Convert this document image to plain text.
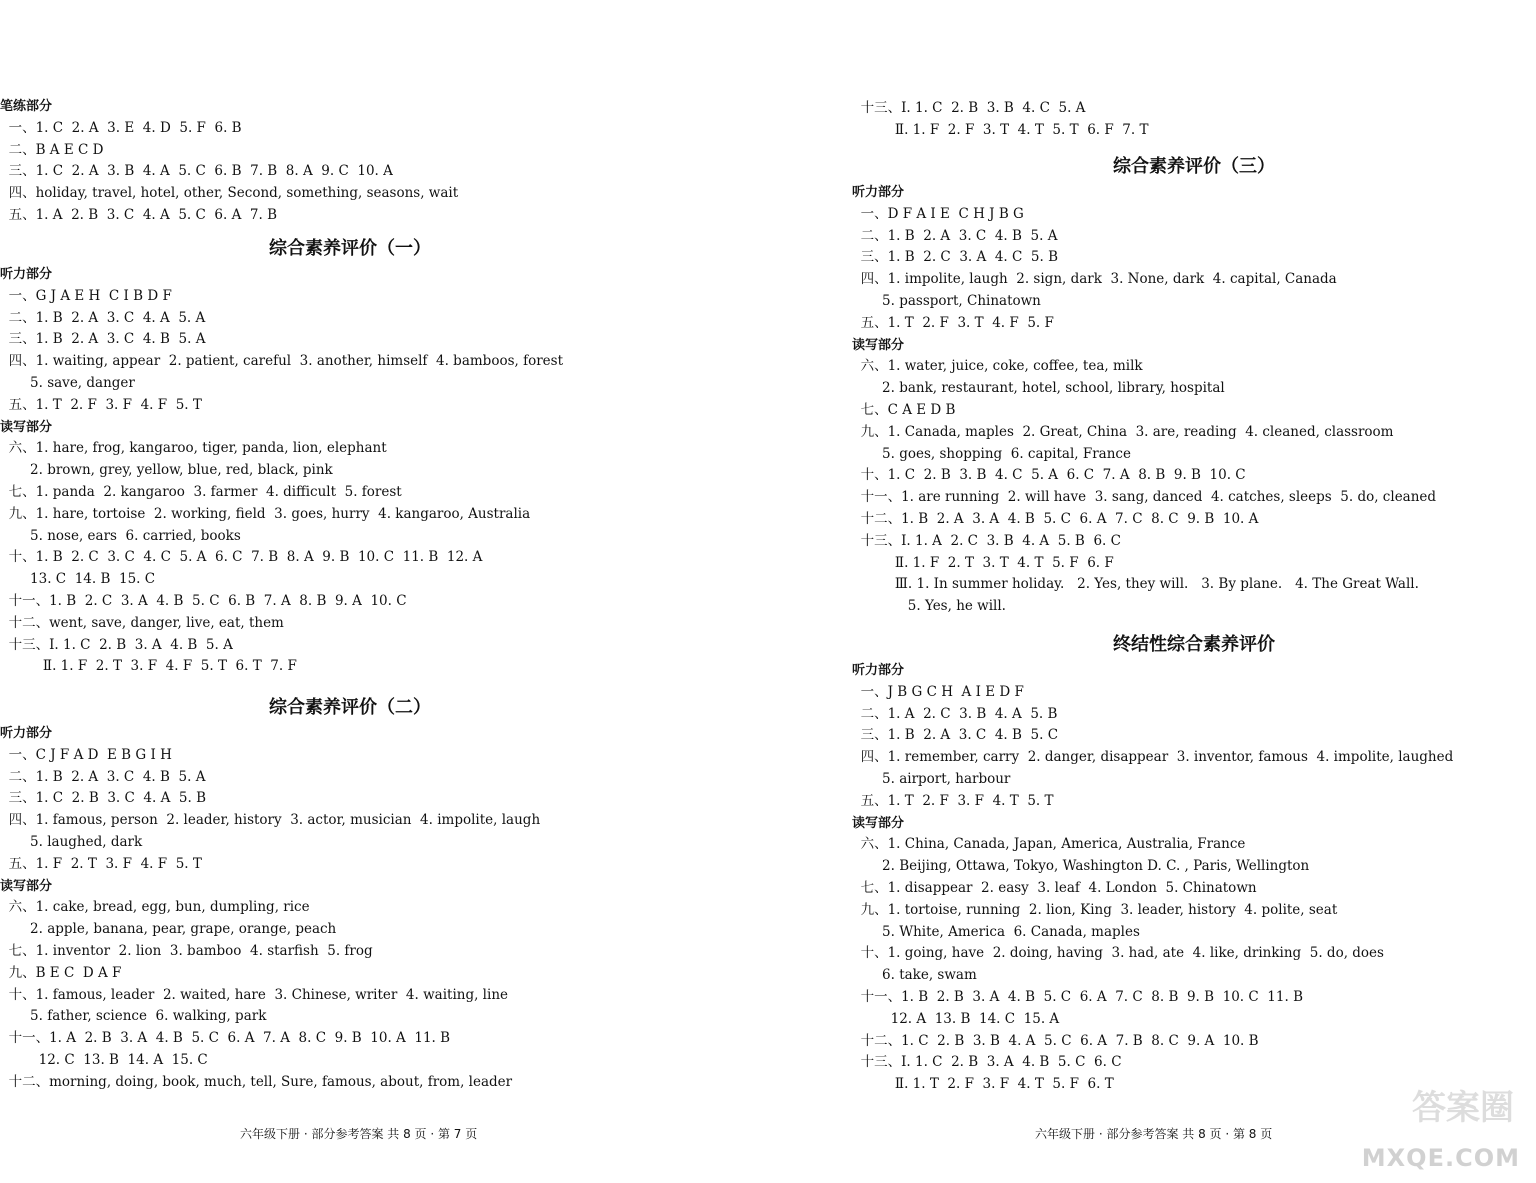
笔练部分
一、1. C  2. A  3. E  4. D  5. F  6. B
二、B A E C D
三、1. C  2. A  3. B  4. A  5. C  6. B  7. B  8. A  9. C  10. A
四、holiday, travel, hotel, other, Second, something, seasons, wait
五、1. A  2. B  3. C  4. A  5. C  6. A  7. B
综合素养评价（一）
听力部分
一、G J A E H  C I B D F
二、1. B  2. A  3. C  4. A  5. A
三、1. B  2. A  3. C  4. B  5. A
四、1. waiting, appear  2. patient, careful  3. another, himself  4. bamboos, forest
5. save, danger
五、1. T  2. F  3. F  4. F  5. T
读写部分
六、1. hare, frog, kangaroo, tiger, panda, lion, elephant
2. brown, grey, yellow, blue, red, black, pink
七、1. panda  2. kangaroo  3. farmer  4. difficult  5. forest
九、1. hare, tortoise  2. working, field  3. goes, hurry  4. kangaroo, Australia
5. nose, ears  6. carried, books
十、1. B  2. C  3. C  4. C  5. A  6. C  7. B  8. A  9. B  10. C  11. B  12. A
13. C  14. B  15. C
十一、1. B  2. C  3. A  4. B  5. C  6. B  7. A  8. B  9. A  10. C
十二、went, save, danger, live, eat, them
十三、Ⅰ. 1. C  2. B  3. A  4. B  5. A
Ⅱ. 1. F  2. T  3. F  4. F  5. T  6. T  7. F
综合素养评价（二）
听力部分
一、C J F A D  E B G I H
二、1. B  2. A  3. C  4. B  5. A
三、1. C  2. B  3. C  4. A  5. B
四、1. famous, person  2. leader, history  3. actor, musician  4. impolite, laugh
5. laughed, dark
五、1. F  2. T  3. F  4. F  5. T
读写部分
六、1. cake, bread, egg, bun, dumpling, rice
2. apple, banana, pear, grape, orange, peach
七、1. inventor  2. lion  3. bamboo  4. starfish  5. frog
九、B E C  D A F
十、1. famous, leader  2. waited, hare  3. Chinese, writer  4. waiting, line
5. father, science  6. walking, park
十一、1. A  2. B  3. A  4. B  5. C  6. A  7. A  8. C  9. B  10. A  11. B
12. C  13. B  14. A  15. C
十二、morning, doing, book, much, tell, Sure, famous, about, from, leader
六年级下册 · 部分参考答案 共 8 页 · 第 7 页
十三、Ⅰ. 1. C  2. B  3. B  4. C  5. A
Ⅱ. 1. F  2. F  3. T  4. T  5. T  6. F  7. T
综合素养评价（三）
听力部分
一、D F A I E  C H J B G
二、1. B  2. A  3. C  4. B  5. A
三、1. B  2. C  3. A  4. C  5. B
四、1. impolite, laugh  2. sign, dark  3. None, dark  4. capital, Canada
5. passport, Chinatown
五、1. T  2. F  3. T  4. F  5. F
读写部分
六、1. water, juice, coke, coffee, tea, milk
2. bank, restaurant, hotel, school, library, hospital
七、C A E D B
九、1. Canada, maples  2. Great, China  3. are, reading  4. cleaned, classroom
5. goes, shopping  6. capital, France
十、1. C  2. B  3. B  4. C  5. A  6. C  7. A  8. B  9. B  10. C
十一、1. are running  2. will have  3. sang, danced  4. catches, sleeps  5. do, cleaned
十二、1. B  2. A  3. A  4. B  5. C  6. A  7. C  8. C  9. B  10. A
十三、Ⅰ. 1. A  2. C  3. B  4. A  5. B  6. C
Ⅱ. 1. F  2. T  3. T  4. T  5. F  6. F
Ⅲ. 1. In summer holiday.   2. Yes, they will.   3. By plane.   4. The Great Wall.
5. Yes, he will.
终结性综合素养评价
听力部分
一、J B G C H  A I E D F
二、1. A  2. C  3. B  4. A  5. B
三、1. B  2. A  3. C  4. B  5. C
四、1. remember, carry  2. danger, disappear  3. inventor, famous  4. impolite, laughed
5. airport, harbour
五、1. T  2. F  3. F  4. T  5. T
读写部分
六、1. China, Canada, Japan, America, Australia, France
2. Beijing, Ottawa, Tokyo, Washington D. C. , Paris, Wellington
七、1. disappear  2. easy  3. leaf  4. London  5. Chinatown
九、1. tortoise, running  2. lion, King  3. leader, history  4. polite, seat
5. White, America  6. Canada, maples
十、1. going, have  2. doing, having  3. had, ate  4. like, drinking  5. do, does
6. take, swam
十一、1. B  2. B  3. A  4. B  5. C  6. A  7. C  8. B  9. B  10. C  11. B
12. A  13. B  14. C  15. A
十二、1. C  2. B  3. B  4. A  5. C  6. A  7. B  8. C  9. A  10. B
十三、Ⅰ. 1. C  2. B  3. A  4. B  5. C  6. C
Ⅱ. 1. T  2. F  3. F  4. T  5. F  6. T
六年级下册 · 部分参考答案 共 8 页 · 第 8 页
答案圈
MXQE.COM
